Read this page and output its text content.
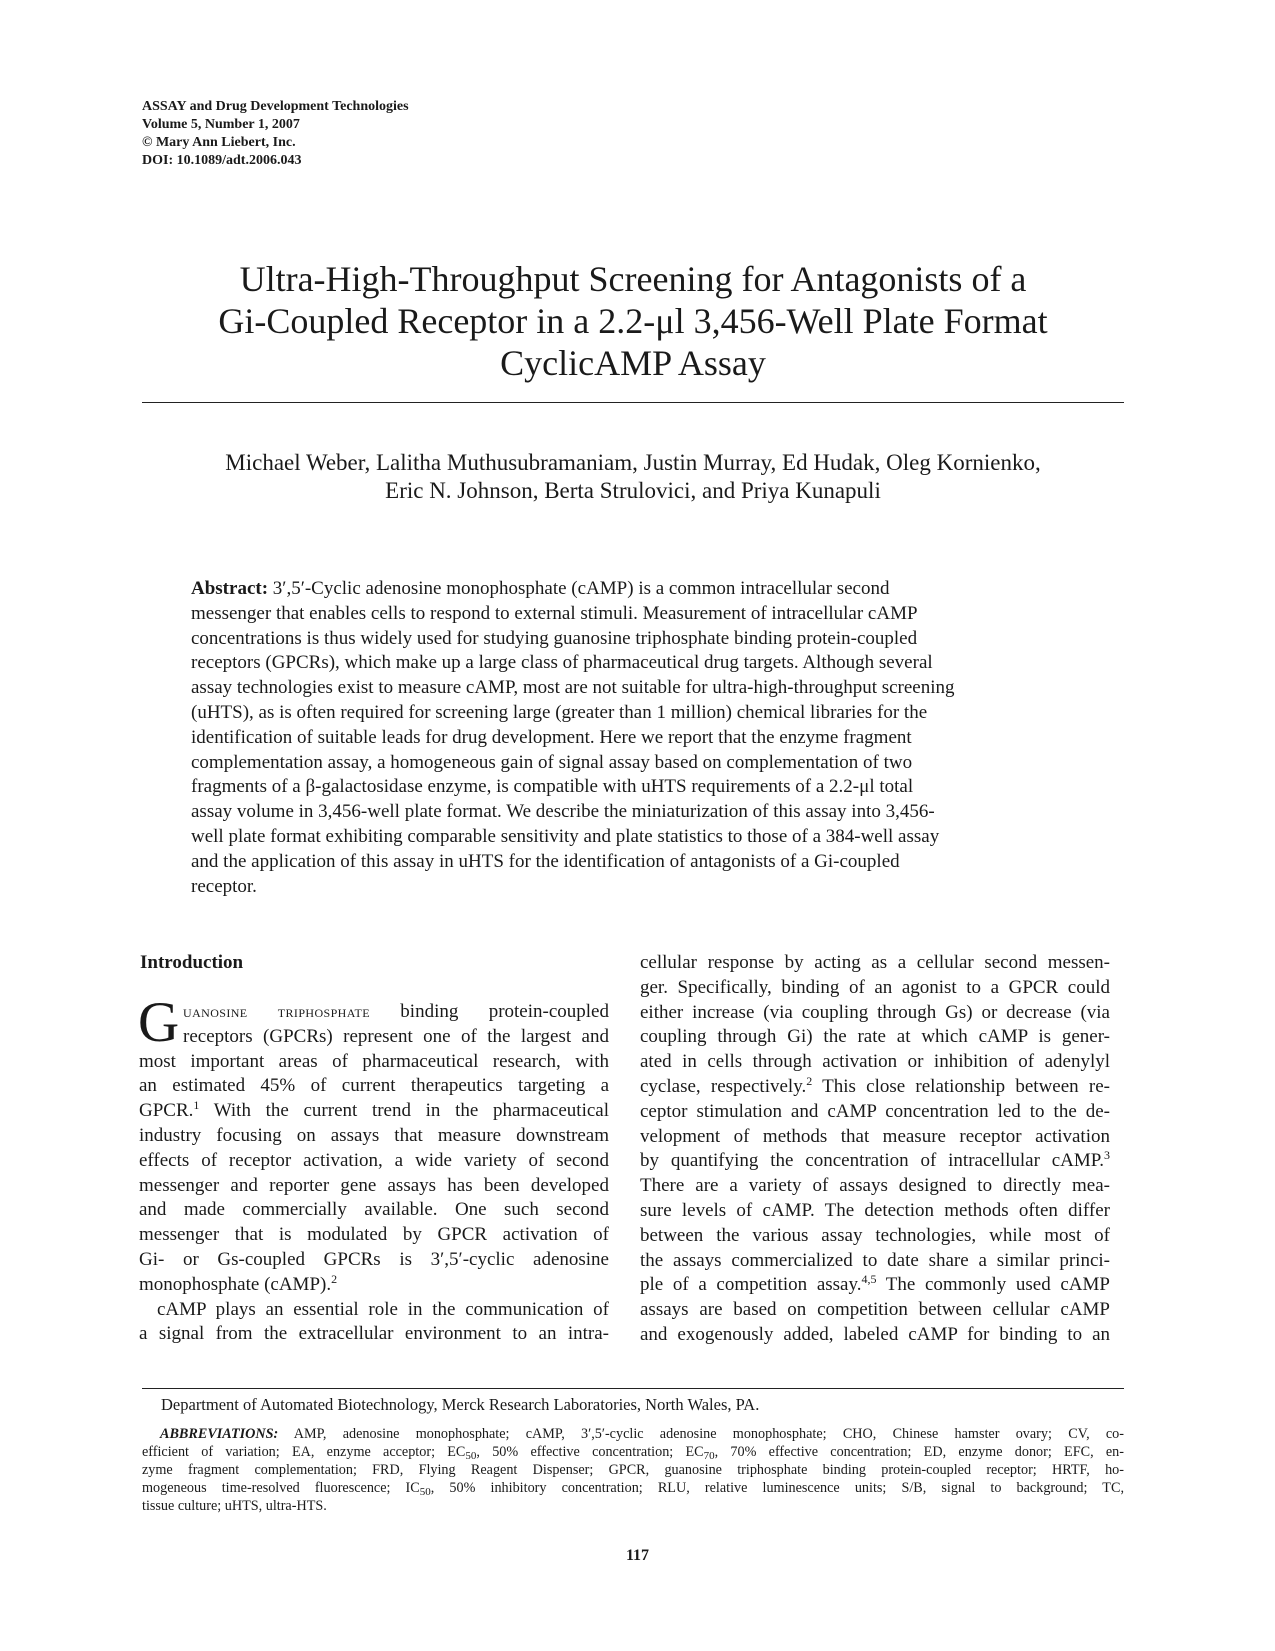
ASSAY and Drug Development Technologies
Volume 5, Number 1, 2007
© Mary Ann Liebert, Inc.
DOI: 10.1089/adt.2006.043
Ultra-High-Throughput Screening for Antagonists of a
Gi-Coupled Receptor in a 2.2-μl 3,456-Well Plate Format
CyclicAMP Assay
Michael Weber, Lalitha Muthusubramaniam, Justin Murray, Ed Hudak, Oleg Kornienko,
Eric N. Johnson, Berta Strulovici, and Priya Kunapuli
Abstract: 3′,5′-Cyclic adenosine monophosphate (cAMP) is a common intracellular second
messenger that enables cells to respond to external stimuli. Measurement of intracellular cAMP
concentrations is thus widely used for studying guanosine triphosphate binding protein-coupled
receptors (GPCRs), which make up a large class of pharmaceutical drug targets. Although several
assay technologies exist to measure cAMP, most are not suitable for ultra-high-throughput screening
(uHTS), as is often required for screening large (greater than 1 million) chemical libraries for the
identification of suitable leads for drug development. Here we report that the enzyme fragment
complementation assay, a homogeneous gain of signal assay based on complementation of two
fragments of a β-galactosidase enzyme, is compatible with uHTS requirements of a 2.2-μl total
assay volume in 3,456-well plate format. We describe the miniaturization of this assay into 3,456-
well plate format exhibiting comparable sensitivity and plate statistics to those of a 384-well assay
and the application of this assay in uHTS for the identification of antagonists of a Gi-coupled
receptor.
Introduction
G uanosine triphosphate binding protein-coupled
receptors (GPCRs) represent one of the largest and
most important areas of pharmaceutical research, with
an estimated 45% of current therapeutics targeting a
GPCR.$^1$ With the current trend in the pharmaceutical
industry focusing on assays that measure downstream
effects of receptor activation, a wide variety of second
messenger and reporter gene assays has been developed
and made commercially available. One such second
messenger that is modulated by GPCR activation of
Gi- or Gs-coupled GPCRs is 3′,5′-cyclic adenosine
monophosphate (cAMP).$^2$
cAMP plays an essential role in the communication of
a signal from the extracellular environment to an intra-
cellular response by acting as a cellular second messen-
ger. Specifically, binding of an agonist to a GPCR could
either increase (via coupling through Gs) or decrease (via
coupling through Gi) the rate at which cAMP is gener-
ated in cells through activation or inhibition of adenylyl
cyclase, respectively.$^2$ This close relationship between re-
ceptor stimulation and cAMP concentration led to the de-
velopment of methods that measure receptor activation
by quantifying the concentration of intracellular cAMP.$^3$
There are a variety of assays designed to directly mea-
sure levels of cAMP. The detection methods often differ
between the various assay technologies, while most of
the assays commercialized to date share a similar princi-
ple of a competition assay.$^{4,5}$ The commonly used cAMP
assays are based on competition between cellular cAMP
and exogenously added, labeled cAMP for binding to an
Department of Automated Biotechnology, Merck Research Laboratories, North Wales, PA.
ABBREVIATIONS: AMP, adenosine monophosphate; cAMP, 3′,5′-cyclic adenosine monophosphate; CHO, Chinese hamster ovary; CV, co-
efficient of variation; EA, enzyme acceptor; $EC_{50}$, 50% effective concentration; $EC_{70}$, 70% effective concentration; ED, enzyme donor; EFC, en-
zyme fragment complementation; FRD, Flying Reagent Dispenser; GPCR, guanosine triphosphate binding protein-coupled receptor; HRTF, ho-
mogeneous time-resolved fluorescence; $IC_{50}$, 50% inhibitory concentration; RLU, relative luminescence units; S/B, signal to background; TC,
tissue culture; uHTS, ultra-HTS.
117
